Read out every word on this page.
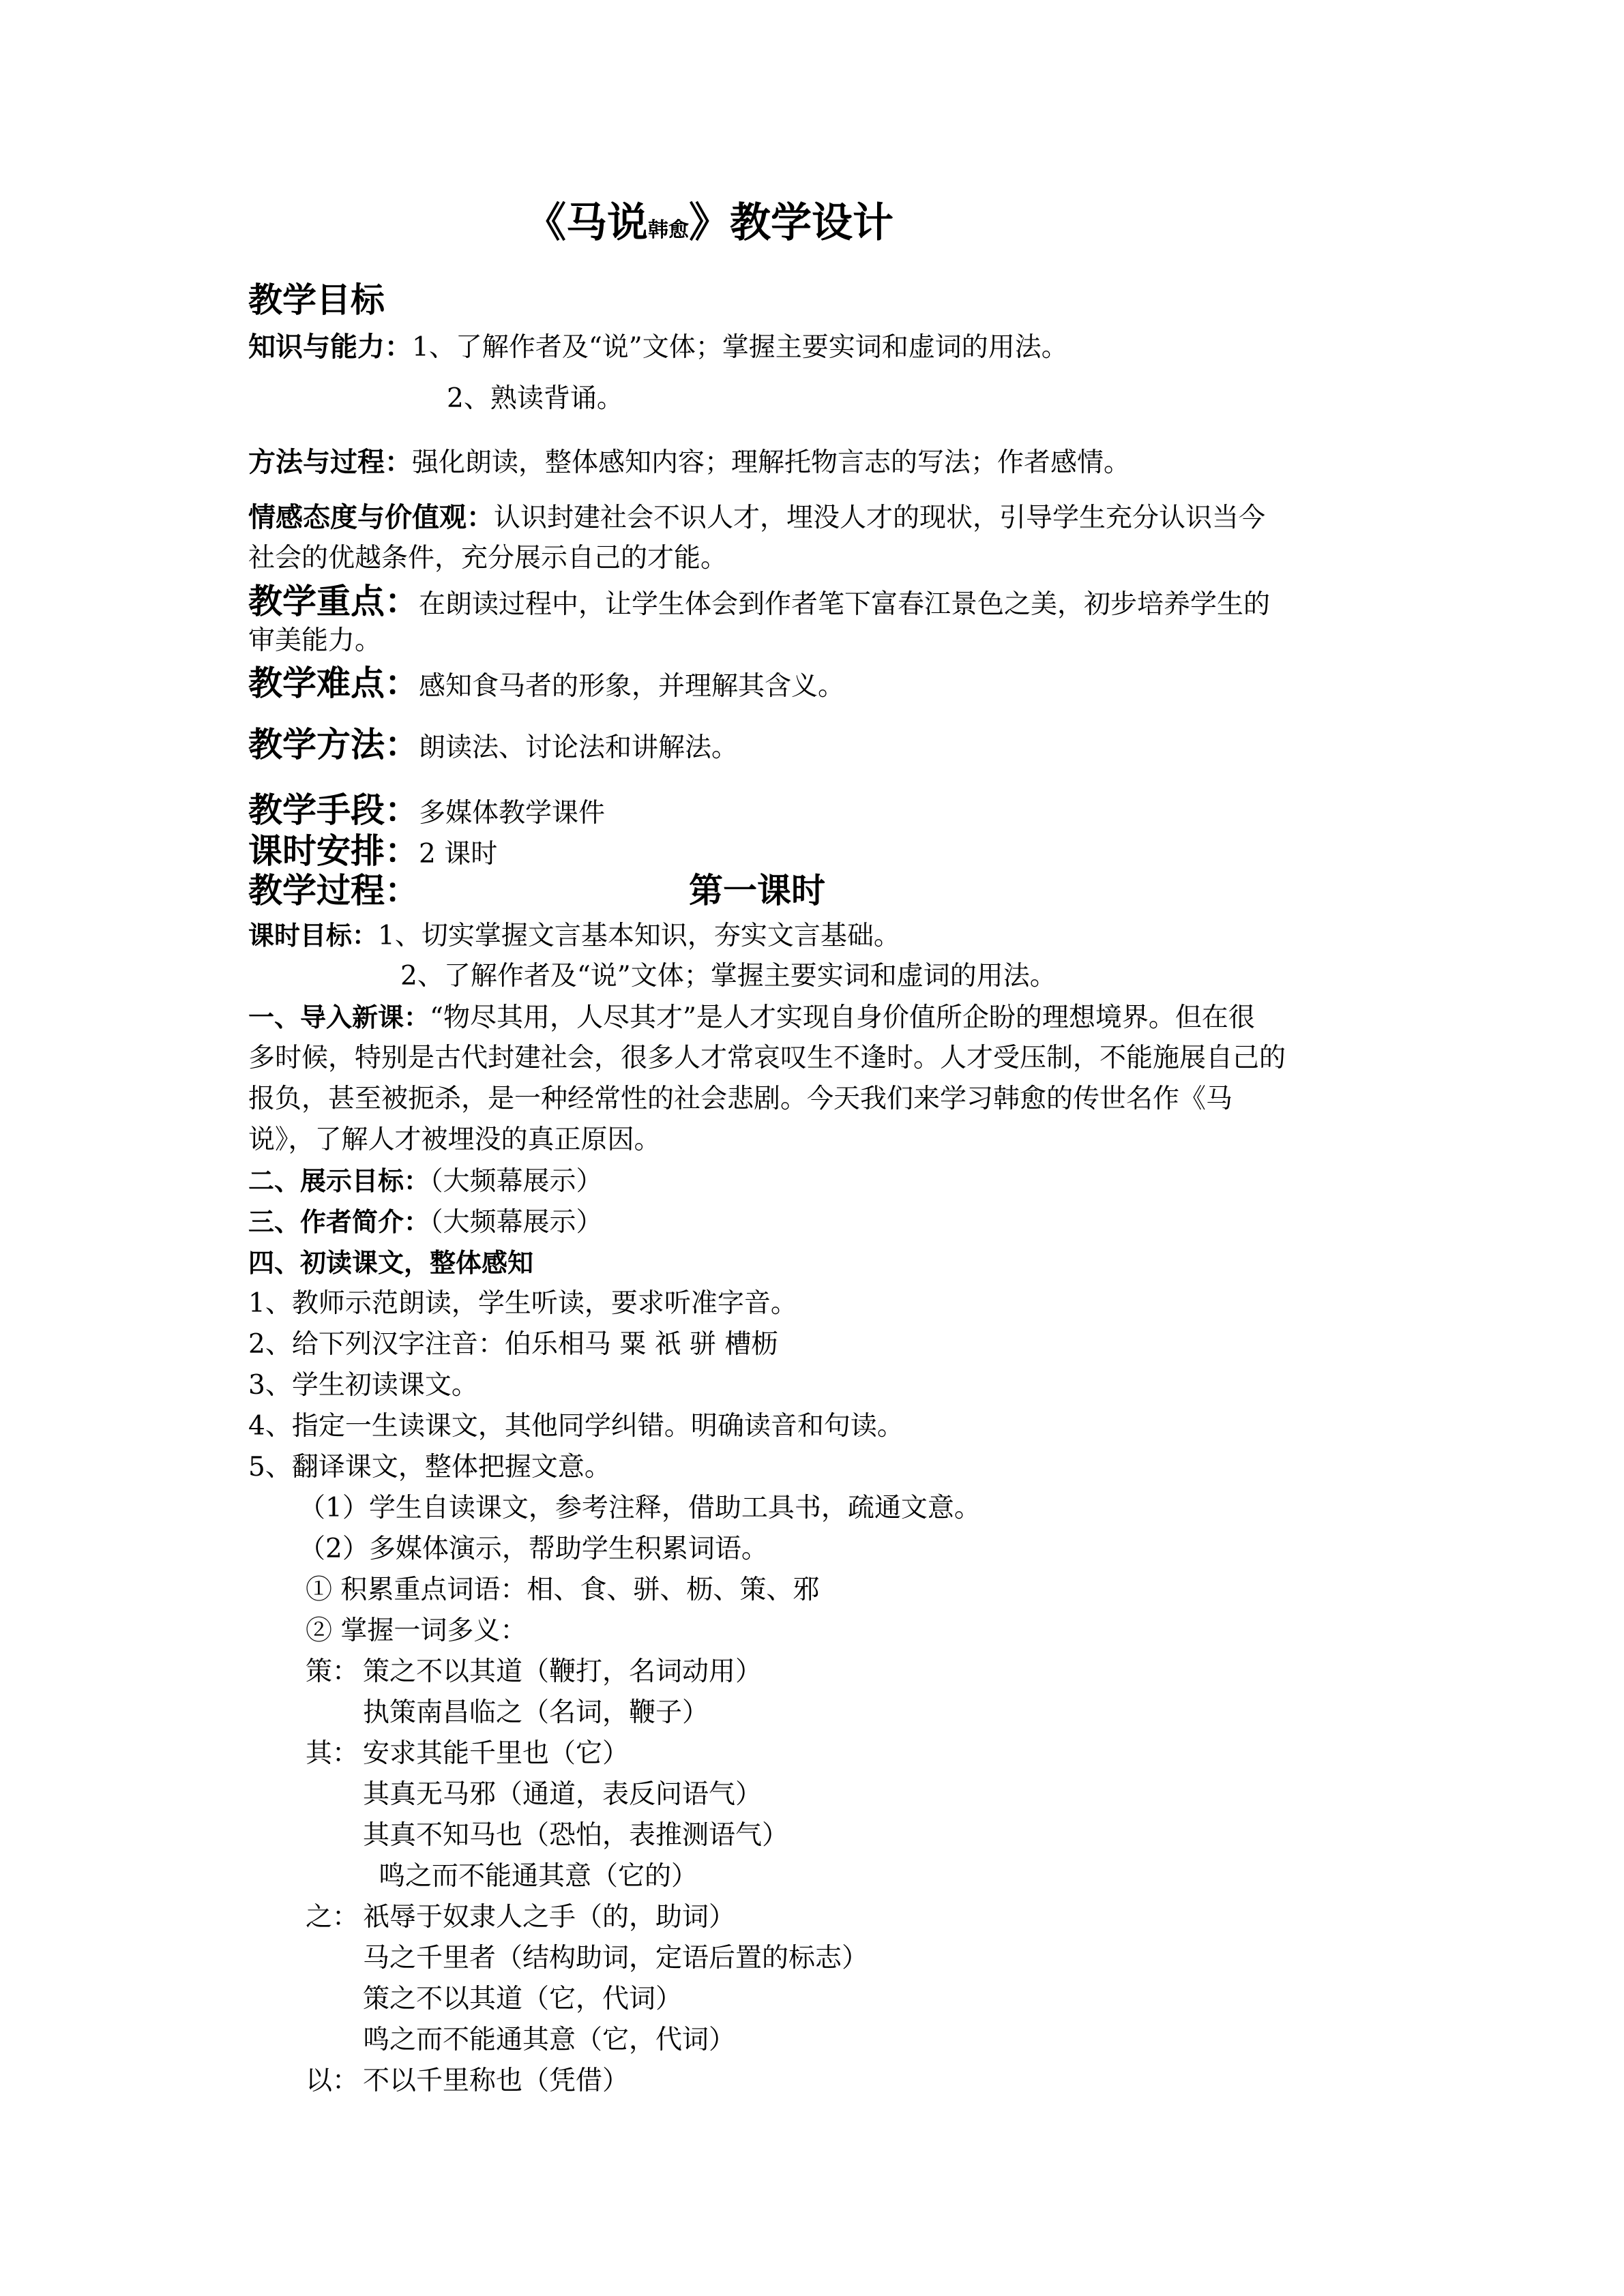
《马说韩愈》教学设计
教学目标
知识与能力：1、了解作者及“说”文体；掌握主要实词和虚词的用法。
2、熟读背诵。
方法与过程：强化朗读，整体感知内容；理解托物言志的写法；作者感情。
情感态度与价值观：认识封建社会不识人才，埋没人才的现状，引导学生充分认识当今
社会的优越条件，充分展示自己的才能。
教学重点：在朗读过程中，让学生体会到作者笔下富春江景色之美，初步培养学生的
审美能力。
教学难点：感知食马者的形象，并理解其含义。
教学方法：朗读法、讨论法和讲解法。
教学手段：多媒体教学课件
课时安排：2 课时
教学过程：	第一课时
课时目标：1、切实掌握文言基本知识，夯实文言基础。
2、了解作者及“说”文体；掌握主要实词和虚词的用法。
一、导入新课：“物尽其用，人尽其才”是人才实现自身价值所企盼的理想境界。但在很
多时候，特别是古代封建社会，很多人才常哀叹生不逢时。人才受压制，不能施展自己的
报负，甚至被扼杀，是一种经常性的社会悲剧。今天我们来学习韩愈的传世名作《马
说》，了解人才被埋没的真正原因。
二、展示目标：（大频幕展示）
三、作者简介：（大频幕展示）
四、初读课文，整体感知
1、教师示范朗读，学生听读，要求听准字音。
2、给下列汉字注音：伯乐相马 粟 祇 骈 槽枥
3、学生初读课文。
4、指定一生读课文，其他同学纠错。明确读音和句读。
5、翻译课文，整体把握文意。
（1）学生自读课文，参考注释，借助工具书，疏通文意。
（2）多媒体演示，帮助学生积累词语。
① 积累重点词语：相、食、骈、枥、策、邪
② 掌握一词多义：
策： 策之不以其道（鞭打，名词动用）
执策南昌临之（名词，鞭子）
其： 安求其能千里也（它）
其真无马邪（通道，表反问语气）
其真不知马也（恐怕，表推测语气）
鸣之而不能通其意（它的）
之： 祇辱于奴隶人之手（的，助词）
马之千里者（结构助词，定语后置的标志）
策之不以其道（它，代词）
鸣之而不能通其意（它，代词）
以： 不以千里称也（凭借）
